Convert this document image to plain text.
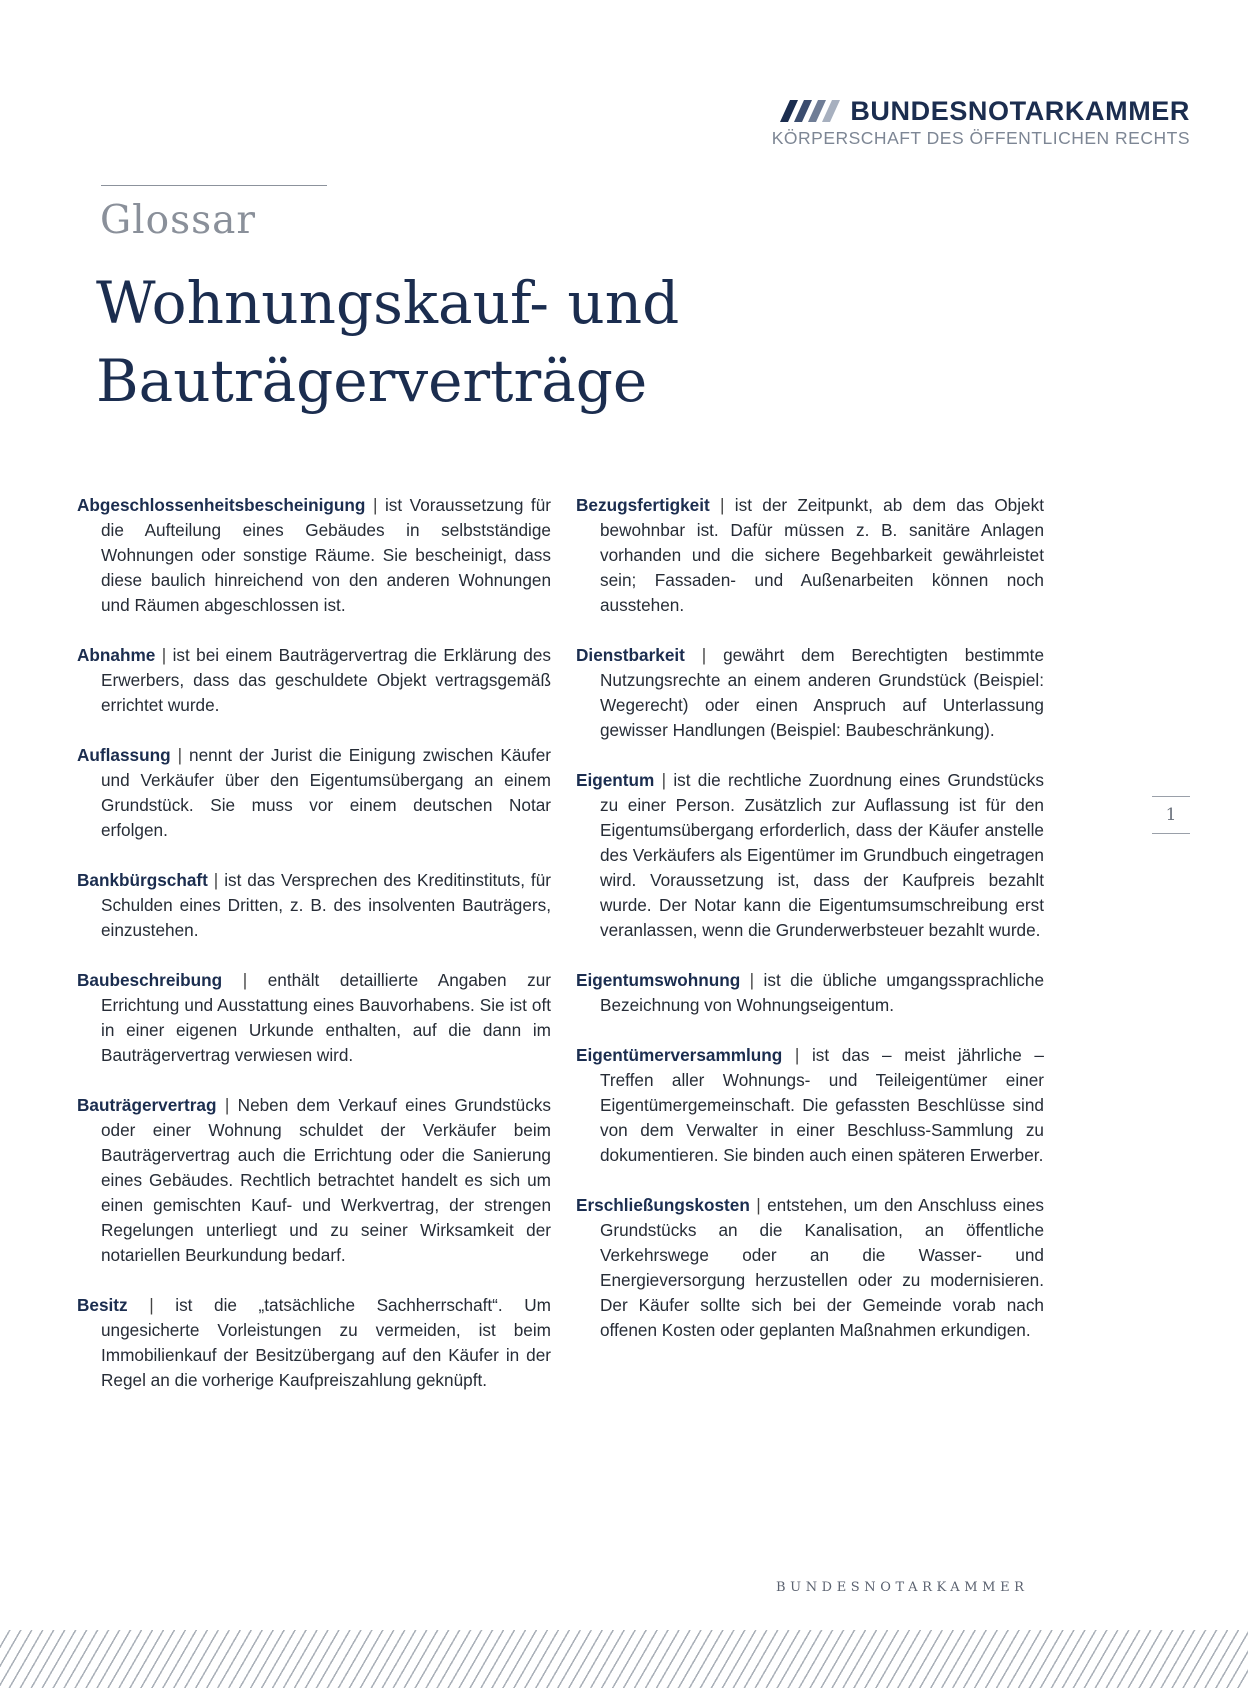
BUNDESNOTARKAMMER
KÖRPERSCHAFT DES ÖFFENTLICHEN RECHTS
Glossar
Wohnungskauf- und
Bauträgerverträge
1

Abgeschlossenheitsbescheinigung | ist Voraussetzung für die Aufteilung eines Gebäudes in selbstständige Wohnungen oder sonstige Räume. Sie bescheinigt, dass diese baulich hinreichend von den anderen Wohnungen und Räumen abgeschlossen ist.

Abnahme | ist bei einem Bauträgervertrag die Erklärung des Erwerbers, dass das geschuldete Objekt vertragsgemäß errichtet wurde.

Auflassung | nennt der Jurist die Einigung zwischen Käufer und Verkäufer über den Eigentumsübergang an einem Grundstück. Sie muss vor einem deutschen Notar erfolgen.

Bankbürgschaft | ist das Versprechen des Kreditinstituts, für Schulden eines Dritten, z. B. des insolventen Bauträgers, einzustehen.

Baubeschreibung | enthält detaillierte Angaben zur Errichtung und Ausstattung eines Bauvorhabens. Sie ist oft in einer eigenen Urkunde enthalten, auf die dann im Bauträgervertrag verwiesen wird.

Bauträgervertrag | Neben dem Verkauf eines Grundstücks oder einer Wohnung schuldet der Verkäufer beim Bauträgervertrag auch die Errichtung oder die Sanierung eines Gebäudes. Rechtlich betrachtet handelt es sich um einen gemischten Kauf- und Werkvertrag, der strengen Regelungen unterliegt und zu seiner Wirksamkeit der notariellen Beurkundung bedarf.

Besitz | ist die „tatsächliche Sachherrschaft“. Um ungesicherte Vorleistungen zu vermeiden, ist beim Immobilienkauf der Besitzübergang auf den Käufer in der Regel an die vorherige Kaufpreiszahlung geknüpft.

Bezugsfertigkeit | ist der Zeitpunkt, ab dem das Objekt bewohnbar ist. Dafür müssen z. B. sanitäre Anlagen vorhanden und die sichere Begehbarkeit gewährleistet sein; Fassaden- und Außenarbeiten können noch ausstehen.

Dienstbarkeit | gewährt dem Berechtigten bestimmte Nutzungsrechte an einem anderen Grundstück (Beispiel: Wegerecht) oder einen Anspruch auf Unterlassung gewisser Handlungen (Beispiel: Baubeschränkung).

Eigentum | ist die rechtliche Zuordnung eines Grundstücks zu einer Person. Zusätzlich zur Auflassung ist für den Eigentumsübergang erforderlich, dass der Käufer anstelle des Verkäufers als Eigentümer im Grundbuch eingetragen wird. Voraussetzung ist, dass der Kaufpreis bezahlt wurde. Der Notar kann die Eigentumsumschreibung erst veranlassen, wenn die Grunderwerbsteuer bezahlt wurde.

Eigentumswohnung | ist die übliche umgangssprachliche Bezeichnung von Wohnungseigentum.

Eigentümerversammlung | ist das – meist jährliche – Treffen aller Wohnungs- und Teileigentümer einer Eigentümergemeinschaft. Die gefassten Beschlüsse sind von dem Verwalter in einer Beschluss-Sammlung zu dokumentieren. Sie binden auch einen späteren Erwerber.

Erschließungskosten | entstehen, um den Anschluss eines Grundstücks an die Kanalisation, an öffentliche Verkehrswege oder an die Wasser- und Energieversorgung herzustellen oder zu modernisieren. Der Käufer sollte sich bei der Gemeinde vorab nach offenen Kosten oder geplanten Maßnahmen erkundigen.

BUNDESNOTARKAMMER
